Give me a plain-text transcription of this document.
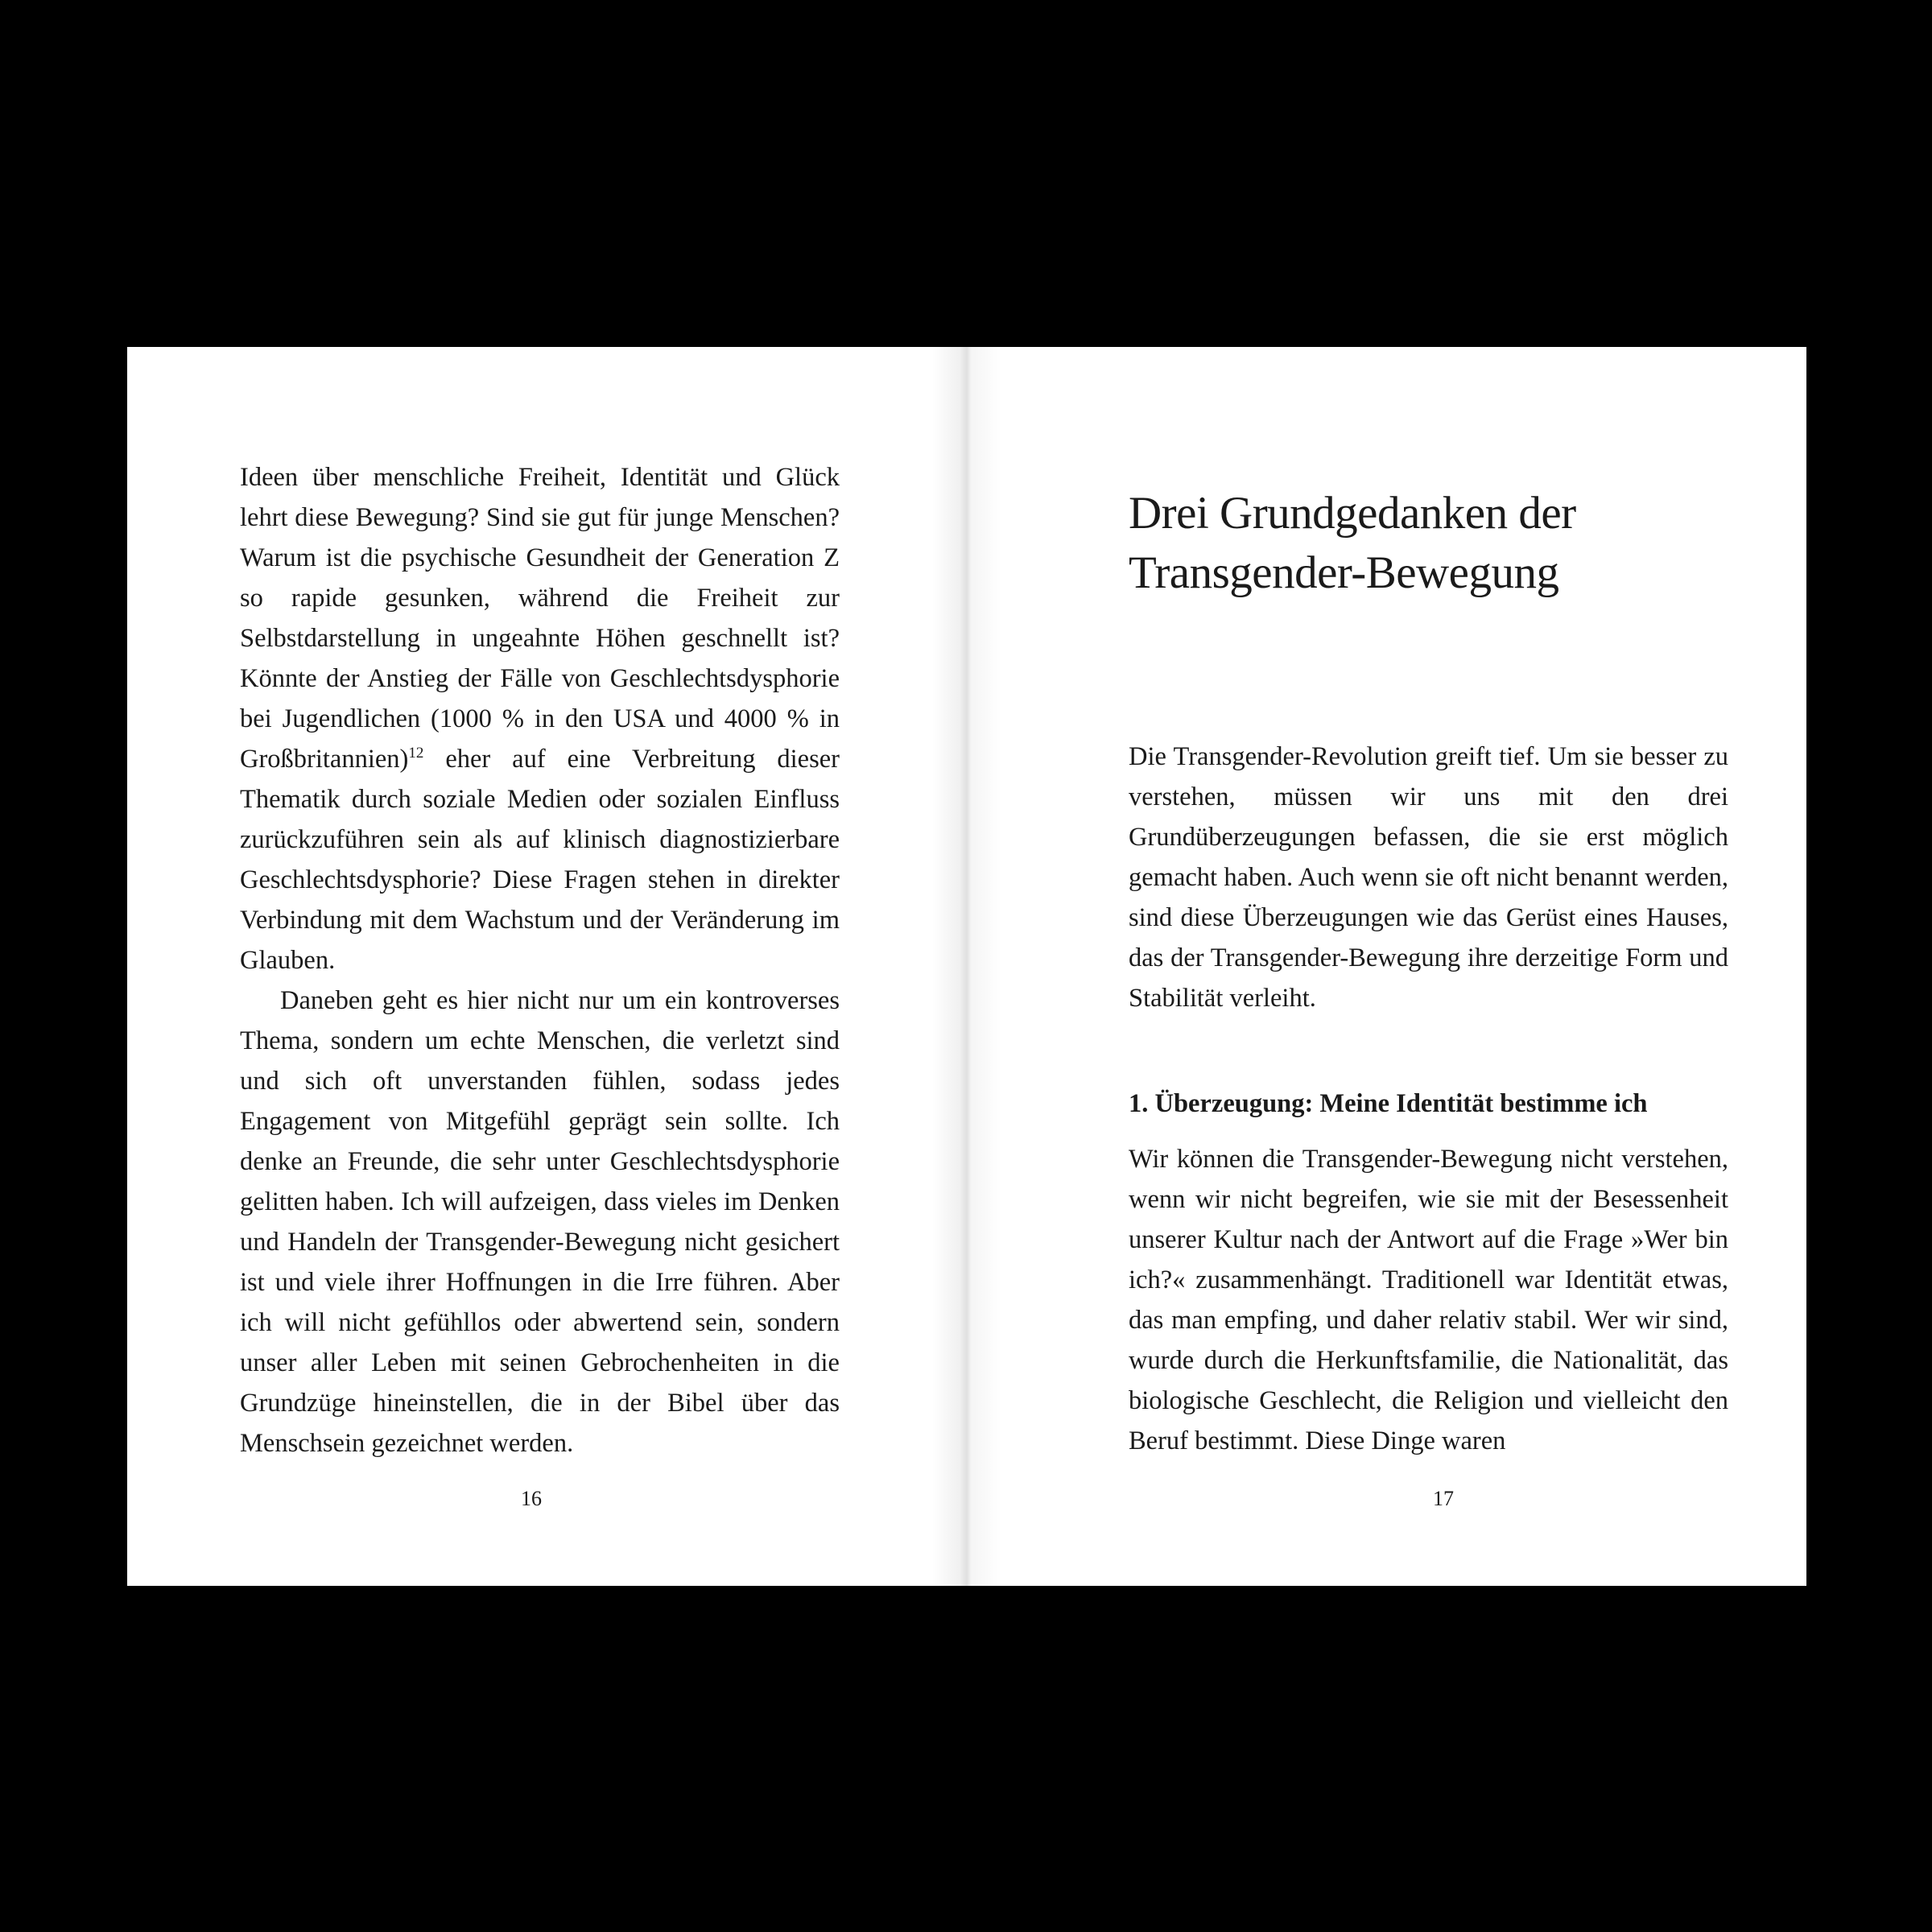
Ideen über menschliche Freiheit, Identität und Glück lehrt diese Bewegung? Sind sie gut für junge Menschen? Warum ist die psychische Gesundheit der Generation Z so rapide gesunken, während die Freiheit zur Selbstdarstellung in ungeahnte Höhen geschnellt ist? Könnte der Anstieg der Fälle von Geschlechtsdysphorie bei Jugendlichen (1000 % in den USA und 4000 % in Großbritannien)$^{12}$ eher auf eine Verbreitung dieser Thematik durch soziale Medien oder sozialen Einfluss zurückzuführen sein als auf klinisch diagnostizierbare Geschlechtsdysphorie? Diese Fragen stehen in direkter Verbindung mit dem Wachstum und der Veränderung im Glauben.

Daneben geht es hier nicht nur um ein kontroverses Thema, sondern um echte Menschen, die verletzt sind und sich oft unverstanden fühlen, sodass jedes Engagement von Mitgefühl geprägt sein sollte. Ich denke an Freunde, die sehr unter Geschlechtsdysphorie gelitten haben. Ich will aufzeigen, dass vieles im Denken und Handeln der Transgender-Bewegung nicht gesichert ist und viele ihrer Hoffnungen in die Irre führen. Aber ich will nicht gefühllos oder abwertend sein, sondern unser aller Leben mit seinen Gebrochenheiten in die Grundzüge hineinstellen, die in der Bibel über das Menschsein gezeichnet werden.

16
Drei Grundgedanken der Transgender-Bewegung

Die Transgender-Revolution greift tief. Um sie besser zu verstehen, müssen wir uns mit den drei Grundüberzeugungen befassen, die sie erst möglich gemacht haben. Auch wenn sie oft nicht benannt werden, sind diese Überzeugungen wie das Gerüst eines Hauses, das der Transgender-Bewegung ihre derzeitige Form und Stabilität verleiht.

1. Überzeugung: Meine Identität bestimme ich

Wir können die Transgender-Bewegung nicht verstehen, wenn wir nicht begreifen, wie sie mit der Besessenheit unserer Kultur nach der Antwort auf die Frage »Wer bin ich?« zusammenhängt. Traditionell war Identität etwas, das man empfing, und daher relativ stabil. Wer wir sind, wurde durch die Herkunftsfamilie, die Nationalität, das biologische Geschlecht, die Religion und vielleicht den Beruf bestimmt. Diese Dinge waren

17
